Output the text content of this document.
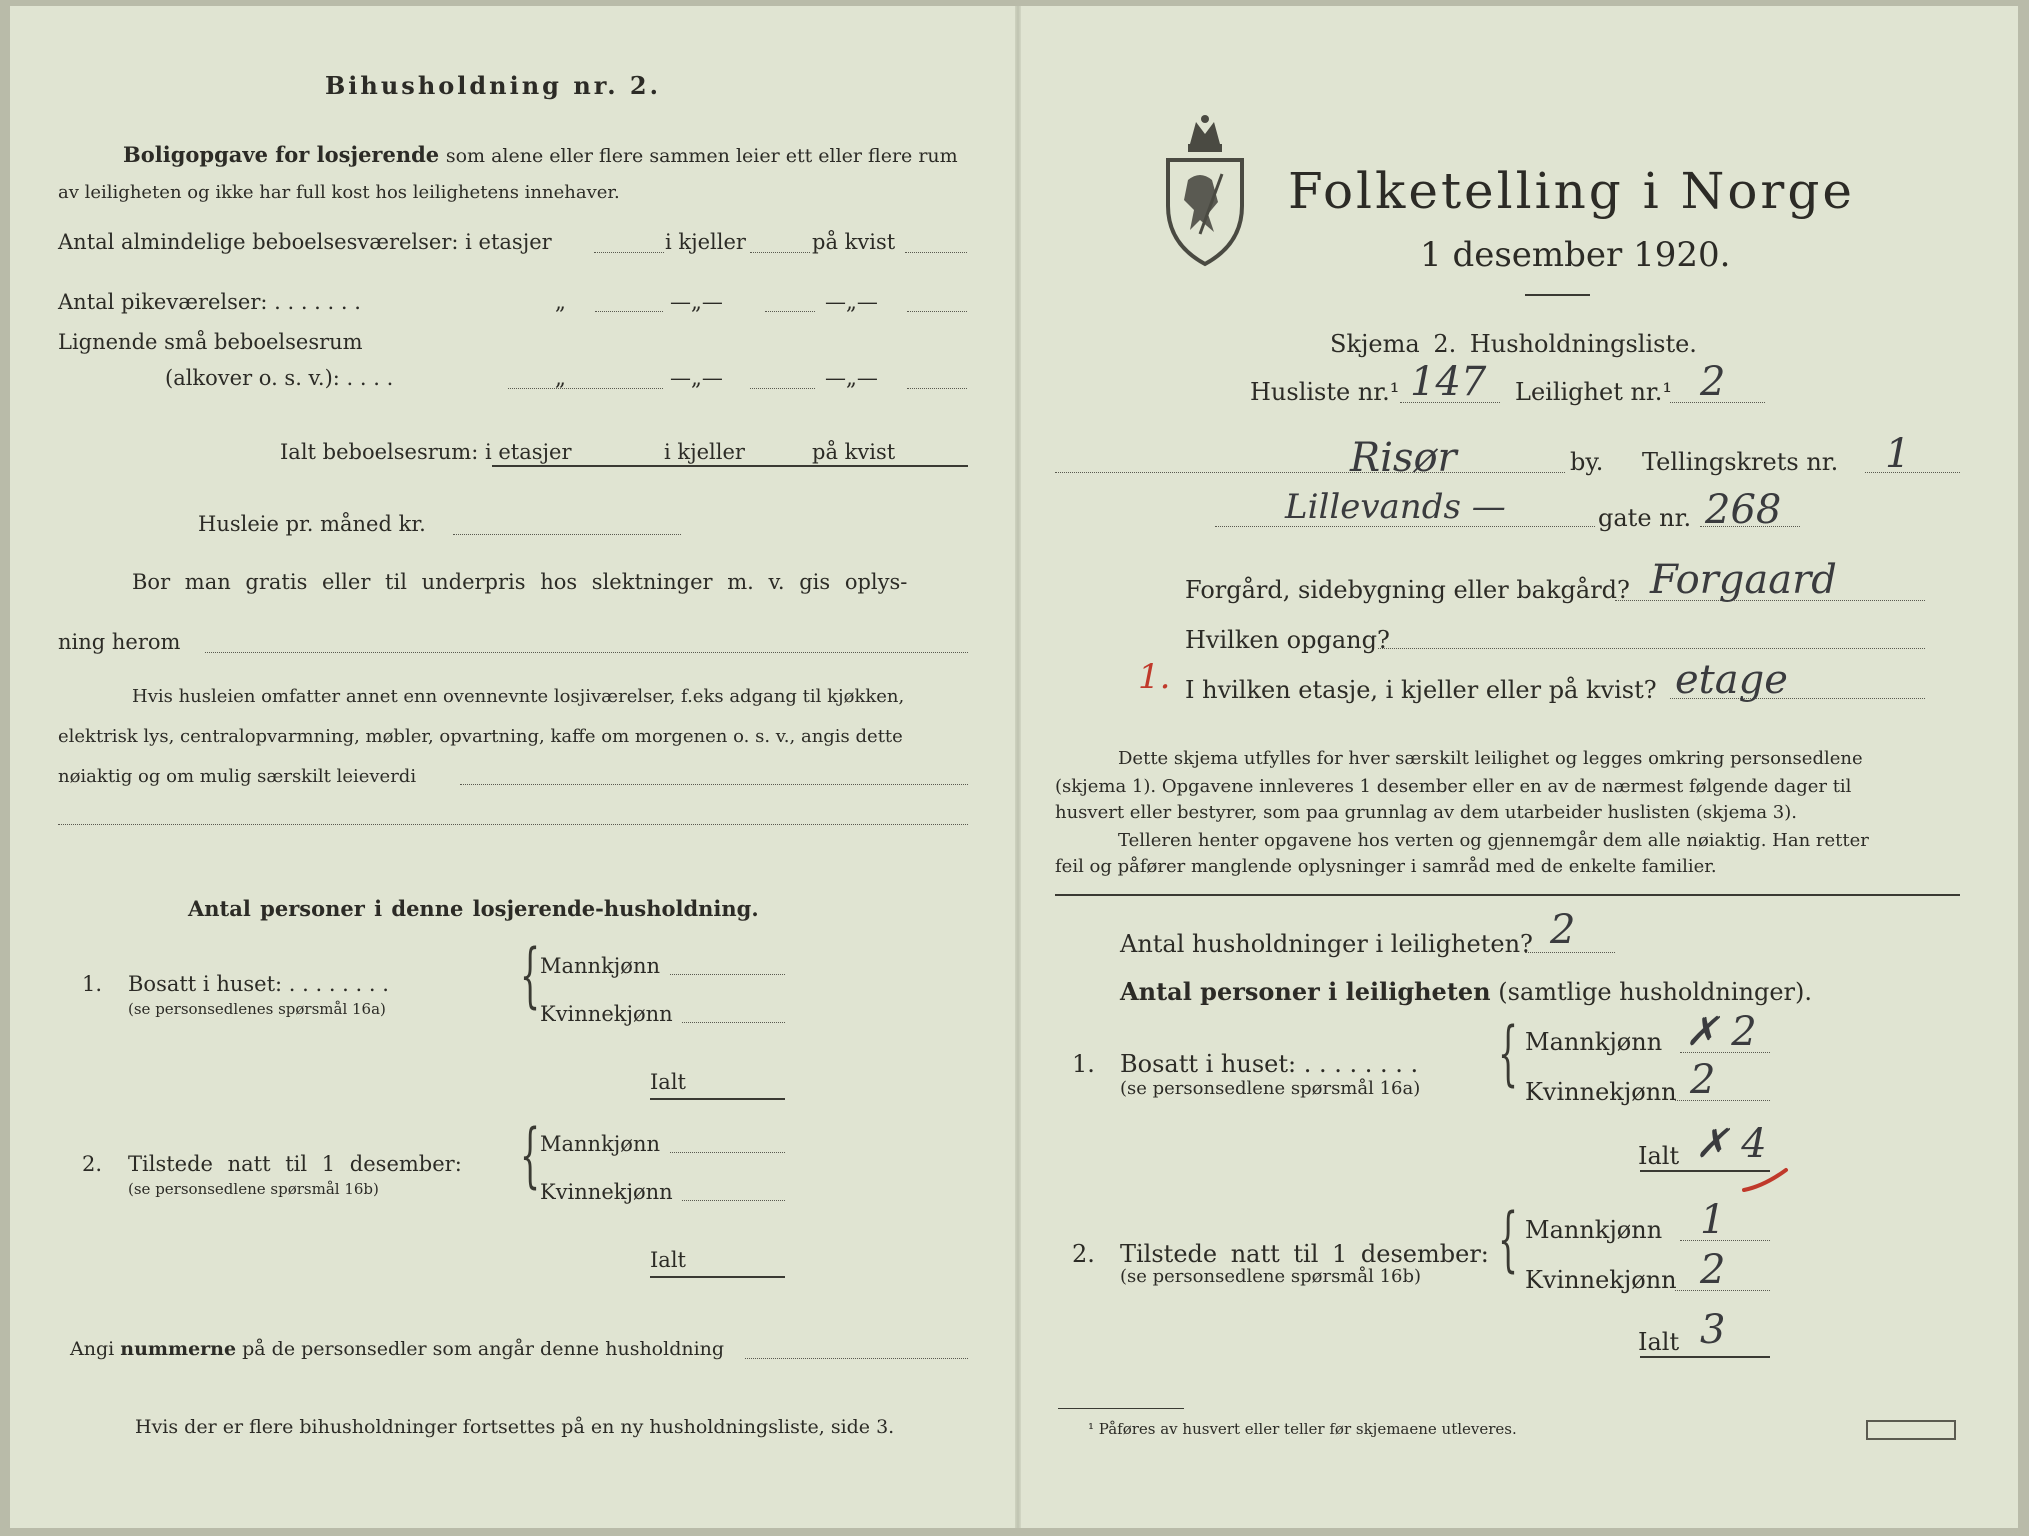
Bihusholdning nr. 2.
Boligopgave for losjerende som alene eller flere sammen leier ett eller flere rum
av leiligheten og ikke har full kost hos leilighetens innehaver.
Antal almindelige beboelsesværelser: i etasjer	i kjeller	på kvist
Antal pikeværelser: . . . . . . .	„	—„—	—„—
Lignende små beboelsesrum
(alkover o. s. v.): . . . .	„	—„—	—„—
Ialt beboelsesrum: i etasjer	i kjeller	på kvist
Husleie pr. måned kr.
Bor man gratis eller til underpris hos slektninger m. v. gis oplys-
ning herom
Hvis husleien omfatter annet enn ovennevnte losjiværelser, f.eks adgang til kjøkken,
elektrisk lys, centralopvarmning, møbler, opvartning, kaffe om morgenen o. s. v., angis dette
nøiaktig og om mulig særskilt leieverdi
Antal personer i denne losjerende-husholdning.
1. Bosatt i huset: . . . . . . . .
(se personsedlenes spørsmål 16a) { Mannkjønn
Kvinnekjønn
Ialt
2. Tilstede natt til 1 desember:
(se personsedlene spørsmål 16b) { Mannkjønn
Kvinnekjønn
Ialt
Angi nummerne på de personsedler som angår denne husholdning
Hvis der er flere bihusholdninger fortsettes på en ny husholdningsliste, side 3.
Folketelling i Norge
1 desember 1920.
Skjema 2. Husholdningsliste.
Husliste nr.¹ 147 Leilighet nr.¹ 2
Risør	by. Tellingskrets nr. 1
Lillevands —	gate nr. 268
Forgård, sidebygning eller bakgård? Forgaard
Hvilken opgang?
1. I hvilken etasje, i kjeller eller på kvist? etage
Dette skjema utfylles for hver særskilt leilighet og legges omkring personsedlene
(skjema 1). Opgavene innleveres 1 desember eller en av de nærmest følgende dager til
husvert eller bestyrer, som paa grunnlag av dem utarbeider huslisten (skjema 3).
Telleren henter opgavene hos verten og gjennemgår dem alle nøiaktig. Han retter
feil og påfører manglende oplysninger i samråd med de enkelte familier.
Antal husholdninger i leiligheten? 2
Antal personer i leiligheten (samtlige husholdninger).
1. Bosatt i huset: . . . . . . . .
(se personsedlene spørsmål 16a) { Mannkjønn ✗ 2
Kvinnekjønn 2
Ialt ✗ 4
2. Tilstede natt til 1 desember:
(se personsedlene spørsmål 16b) { Mannkjønn 1
Kvinnekjønn 2
Ialt 3
¹ Påføres av husvert eller teller før skjemaene utleveres.
